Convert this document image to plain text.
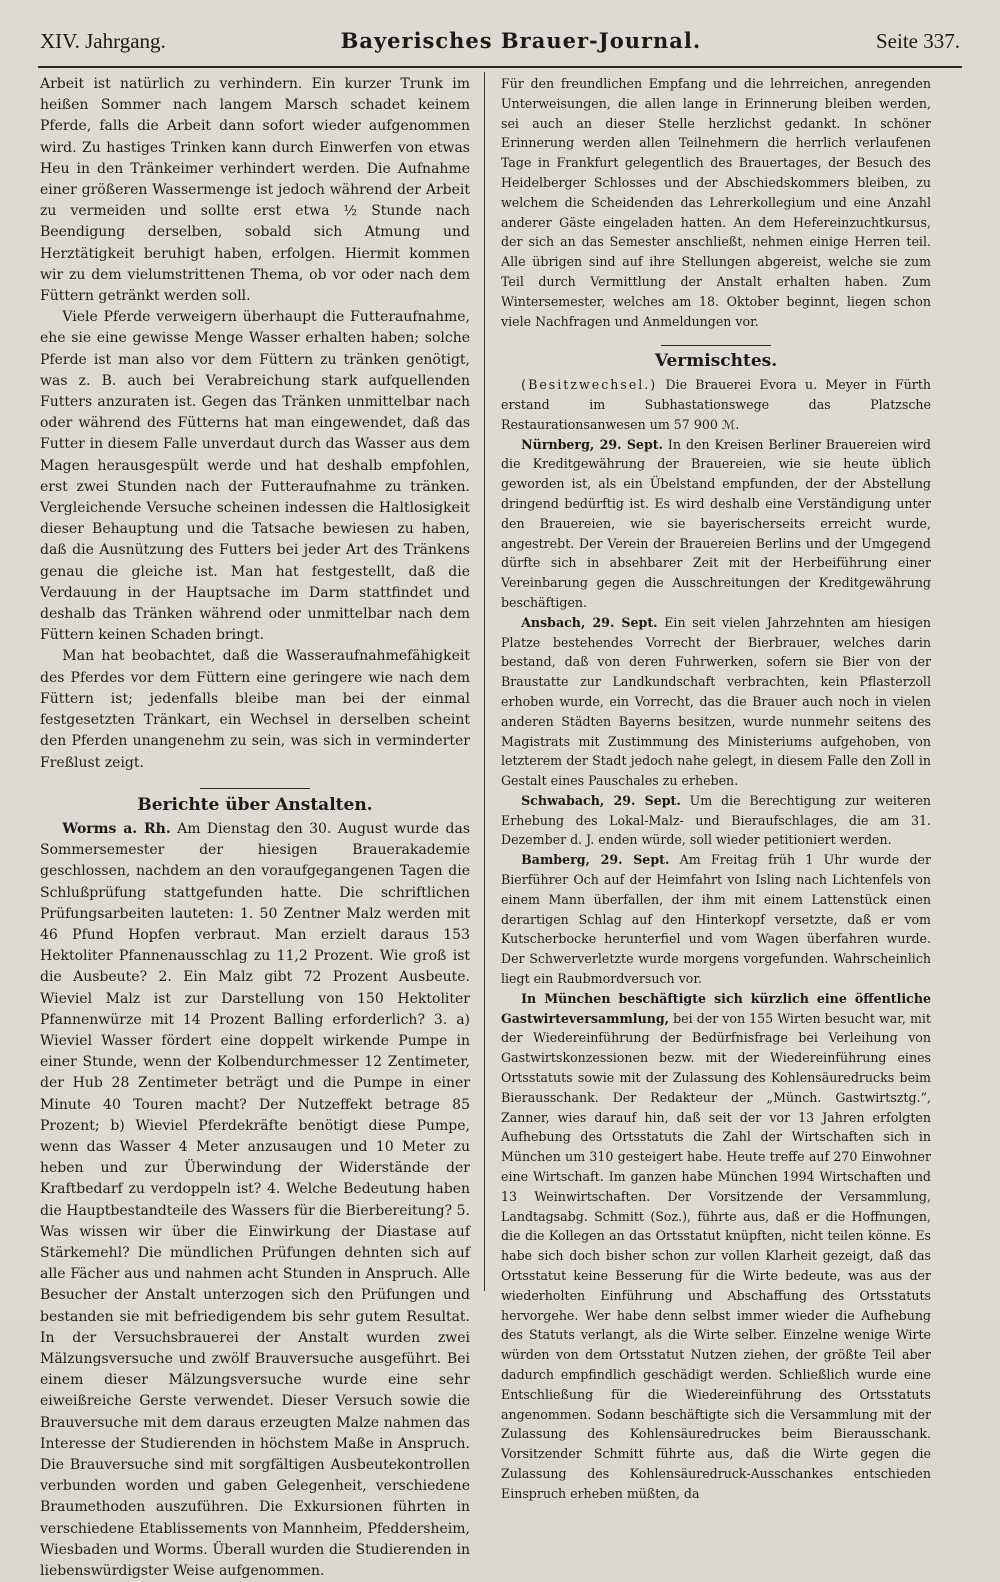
XIV. Jahrgang.	Bayerisches Brauer-Journal.	Seite 337.

Arbeit ist natürlich zu verhindern. Ein kurzer Trunk im heißen Sommer nach langem Marsch schadet keinem Pferde, falls die Arbeit dann sofort wieder aufgenommen wird. Zu hastiges Trinken kann durch Einwerfen von etwas Heu in den Tränkeimer verhindert werden. Die Aufnahme einer größeren Wassermenge ist jedoch während der Arbeit zu vermeiden und sollte erst etwa ½ Stunde nach Beendigung derselben, sobald sich Atmung und Herztätigkeit beruhigt haben, erfolgen. Hiermit kommen wir zu dem vielumstrittenen Thema, ob vor oder nach dem Füttern getränkt werden soll.

Viele Pferde verweigern überhaupt die Futteraufnahme, ehe sie eine gewisse Menge Wasser erhalten haben; solche Pferde ist man also vor dem Füttern zu tränken genötigt, was z. B. auch bei Verabreichung stark aufquellenden Futters anzuraten ist. Gegen das Tränken unmittelbar nach oder während des Fütterns hat man eingewendet, daß das Futter in diesem Falle unverdaut durch das Wasser aus dem Magen herausgespült werde und hat deshalb empfohlen, erst zwei Stunden nach der Futteraufnahme zu tränken. Vergleichende Versuche scheinen indessen die Haltlosigkeit dieser Behauptung und die Tatsache bewiesen zu haben, daß die Ausnützung des Futters bei jeder Art des Tränkens genau die gleiche ist. Man hat festgestellt, daß die Verdauung in der Hauptsache im Darm stattfindet und deshalb das Tränken während oder unmittelbar nach dem Füttern keinen Schaden bringt.

Man hat beobachtet, daß die Wasseraufnahmefähigkeit des Pferdes vor dem Füttern eine geringere wie nach dem Füttern ist; jedenfalls bleibe man bei der einmal festgesetzten Tränkart, ein Wechsel in derselben scheint den Pferden unangenehm zu sein, was sich in verminderter Freßlust zeigt.

Berichte über Anstalten.

Worms a. Rh. Am Dienstag den 30. August wurde das Sommersemester der hiesigen Brauerakademie geschlossen, nachdem an den voraufgegangenen Tagen die Schlußprüfung stattgefunden hatte. Die schriftlichen Prüfungsarbeiten lauteten: 1. 50 Zentner Malz werden mit 46 Pfund Hopfen verbraut. Man erzielt daraus 153 Hektoliter Pfannenausschlag zu 11,2 Prozent. Wie groß ist die Ausbeute? 2. Ein Malz gibt 72 Prozent Ausbeute. Wieviel Malz ist zur Darstellung von 150 Hektoliter Pfannenwürze mit 14 Prozent Balling erforderlich? 3. a) Wieviel Wasser fördert eine doppelt wirkende Pumpe in einer Stunde, wenn der Kolbendurchmesser 12 Zentimeter, der Hub 28 Zentimeter beträgt und die Pumpe in einer Minute 40 Touren macht? Der Nutzeffekt betrage 85 Prozent; b) Wieviel Pferdekräfte benötigt diese Pumpe, wenn das Wasser 4 Meter anzusaugen und 10 Meter zu heben und zur Überwindung der Widerstände der Kraftbedarf zu verdoppeln ist? 4. Welche Bedeutung haben die Hauptbestandteile des Wassers für die Bierbereitung? 5. Was wissen wir über die Einwirkung der Diastase auf Stärkemehl? Die mündlichen Prüfungen dehnten sich auf alle Fächer aus und nahmen acht Stunden in Anspruch. Alle Besucher der Anstalt unterzogen sich den Prüfungen und bestanden sie mit befriedigendem bis sehr gutem Resultat. In der Versuchsbrauerei der Anstalt wurden zwei Mälzungsversuche und zwölf Brauversuche ausgeführt. Bei einem dieser Mälzungsversuche wurde eine sehr eiweißreiche Gerste verwendet. Dieser Versuch sowie die Brauversuche mit dem daraus erzeugten Malze nahmen das Interesse der Studierenden in höchstem Maße in Anspruch. Die Brauversuche sind mit sorgfältigen Ausbeutekontrollen verbunden worden und gaben Gelegenheit, verschiedene Braumethoden auszuführen. Die Exkursionen führten in verschiedene Etablissements von Mannheim, Pfeddersheim, Wiesbaden und Worms. Überall wurden die Studierenden in liebenswürdigster Weise aufgenommen.

Für den freundlichen Empfang und die lehrreichen, anregenden Unterweisungen, die allen lange in Erinnerung bleiben werden, sei auch an dieser Stelle herzlichst gedankt. In schöner Erinnerung werden allen Teilnehmern die herrlich verlaufenen Tage in Frankfurt gelegentlich des Brauertages, der Besuch des Heidelberger Schlosses und der Abschiedskommers bleiben, zu welchem die Scheidenden das Lehrerkollegium und eine Anzahl anderer Gäste eingeladen hatten. An dem Hefereinzuchtkursus, der sich an das Semester anschließt, nehmen einige Herren teil. Alle übrigen sind auf ihre Stellungen abgereist, welche sie zum Teil durch Vermittlung der Anstalt erhalten haben. Zum Wintersemester, welches am 18. Oktober beginnt, liegen schon viele Nachfragen und Anmeldungen vor.

Vermischtes.

(Besitzwechsel.) Die Brauerei Evora u. Meyer in Fürth erstand im Subhastationswege das Platzsche Restaurationsanwesen um 57 900 ℳ.

Nürnberg, 29. Sept. In den Kreisen Berliner Brauereien wird die Kreditgewährung der Brauereien, wie sie heute üblich geworden ist, als ein Übelstand empfunden, der der Abstellung dringend bedürftig ist. Es wird deshalb eine Verständigung unter den Brauereien, wie sie bayerischerseits erreicht wurde, angestrebt. Der Verein der Brauereien Berlins und der Umgegend dürfte sich in absehbarer Zeit mit der Herbeiführung einer Vereinbarung gegen die Ausschreitungen der Kreditgewährung beschäftigen.

Ansbach, 29. Sept. Ein seit vielen Jahrzehnten am hiesigen Platze bestehendes Vorrecht der Bierbrauer, welches darin bestand, daß von deren Fuhrwerken, sofern sie Bier von der Braustatte zur Landkundschaft verbrachten, kein Pflasterzoll erhoben wurde, ein Vorrecht, das die Brauer auch noch in vielen anderen Städten Bayerns besitzen, wurde nunmehr seitens des Magistrats mit Zustimmung des Ministeriums aufgehoben, von letzterem der Stadt jedoch nahe gelegt, in diesem Falle den Zoll in Gestalt eines Pauschales zu erheben.

Schwabach, 29. Sept. Um die Berechtigung zur weiteren Erhebung des Lokal-Malz- und Bieraufschlages, die am 31. Dezember d. J. enden würde, soll wieder petitioniert werden.

Bamberg, 29. Sept. Am Freitag früh 1 Uhr wurde der Bierführer Och auf der Heimfahrt von Isling nach Lichtenfels von einem Mann überfallen, der ihm mit einem Lattenstück einen derartigen Schlag auf den Hinterkopf versetzte, daß er vom Kutscherbocke herunterfiel und vom Wagen überfahren wurde. Der Schwerverletzte wurde morgens vorgefunden. Wahrscheinlich liegt ein Raubmordversuch vor.

In München beschäftigte sich kürzlich eine öffentliche Gastwirteversammlung, bei der von 155 Wirten besucht war, mit der Wiedereinführung der Bedürfnisfrage bei Verleihung von Gastwirtskonzessionen bezw. mit der Wiedereinführung eines Ortsstatuts sowie mit der Zulassung des Kohlensäuredrucks beim Bierausschank. Der Redakteur der „Münch. Gastwirtsztg.“, Zanner, wies darauf hin, daß seit der vor 13 Jahren erfolgten Aufhebung des Ortsstatuts die Zahl der Wirtschaften sich in München um 310 gesteigert habe. Heute treffe auf 270 Einwohner eine Wirtschaft. Im ganzen habe München 1994 Wirtschaften und 13 Weinwirtschaften. Der Vorsitzende der Versammlung, Landtagsabg. Schmitt (Soz.), führte aus, daß er die Hoffnungen, die die Kollegen an das Ortsstatut knüpften, nicht teilen könne. Es habe sich doch bisher schon zur vollen Klarheit gezeigt, daß das Ortsstatut keine Besserung für die Wirte bedeute, was aus der wiederholten Einführung und Abschaffung des Ortsstatuts hervorgehe. Wer habe denn selbst immer wieder die Aufhebung des Statuts verlangt, als die Wirte selber. Einzelne wenige Wirte würden von dem Ortsstatut Nutzen ziehen, der größte Teil aber dadurch empfindlich geschädigt werden. Schließlich wurde eine Entschließung für die Wiedereinführung des Ortsstatuts angenommen. Sodann beschäftigte sich die Versammlung mit der Zulassung des Kohlensäuredruckes beim Bierausschank. Vorsitzender Schmitt führte aus, daß die Wirte gegen die Zulassung des Kohlensäuredruck-Ausschankes entschieden Einspruch erheben müßten, da
